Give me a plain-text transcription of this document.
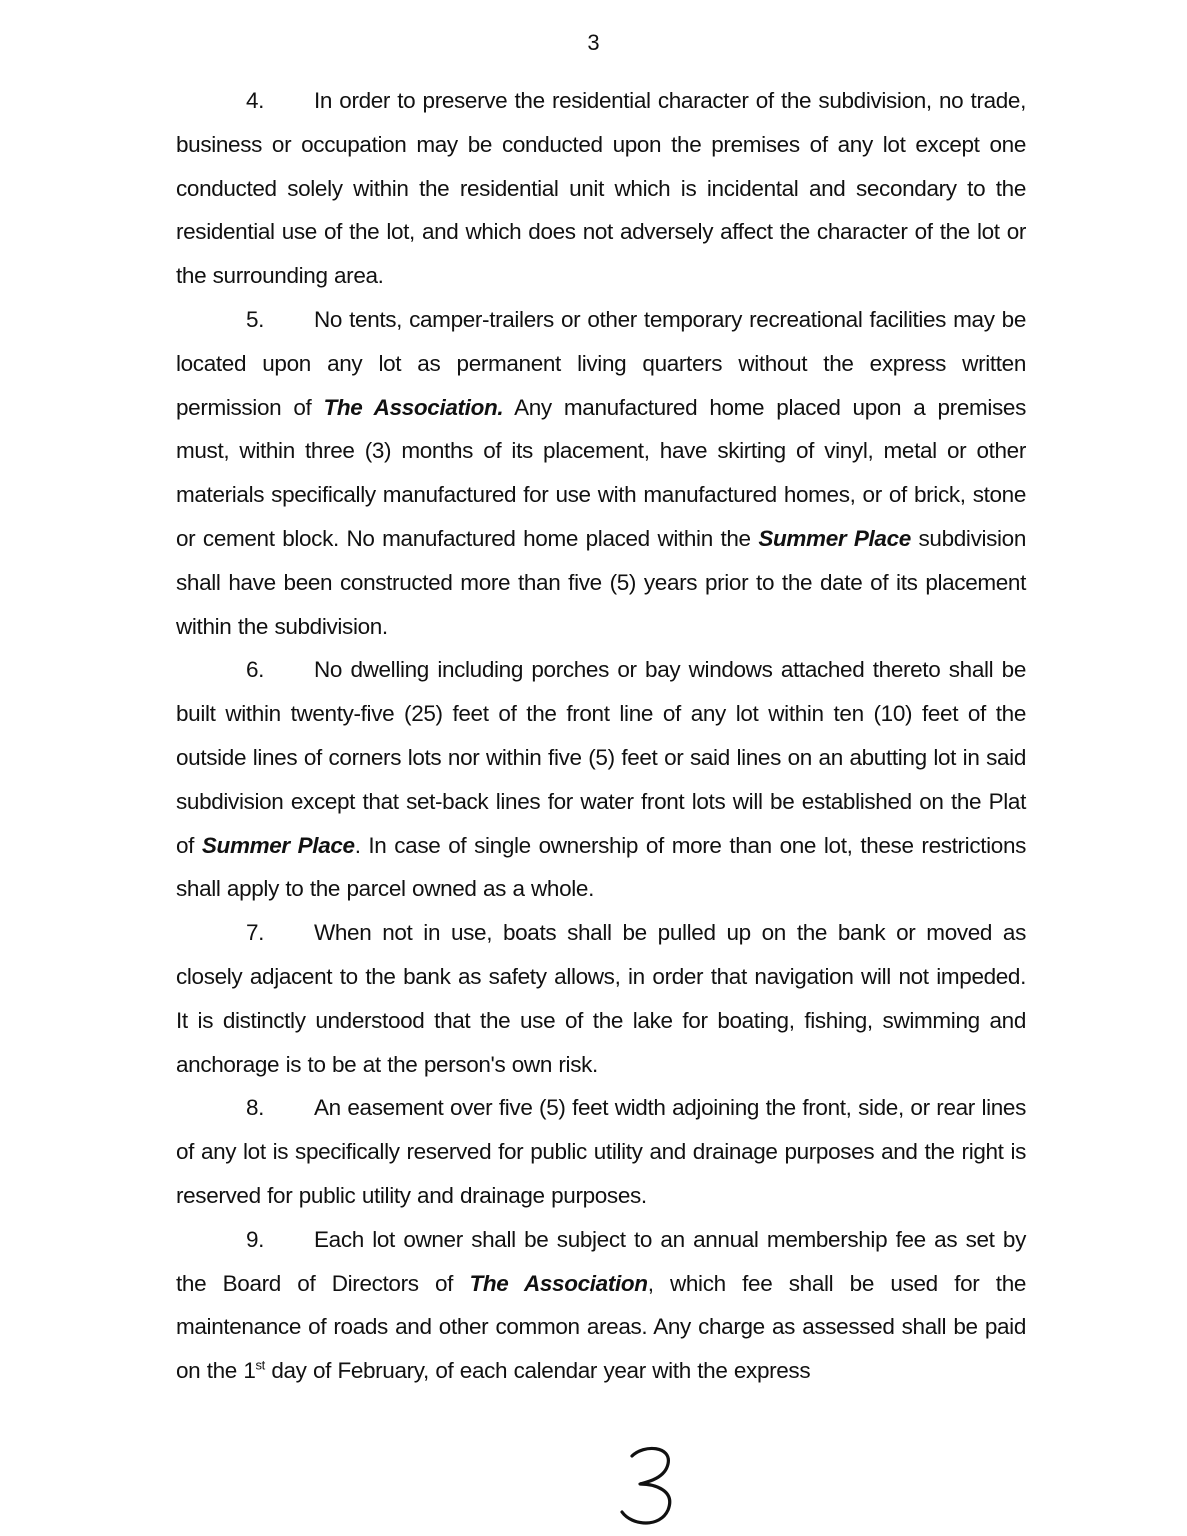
3

4. In order to preserve the residential character of the subdivision, no trade, business or occupation may be conducted upon the premises of any lot except one conducted solely within the residential unit which is incidental and secondary to the residential use of the lot, and which does not adversely affect the character of the lot or the surrounding area.

5. No tents, camper-trailers or other temporary recreational facilities may be located upon any lot as permanent living quarters without the express written permission of The Association. Any manufactured home placed upon a premises must, within three (3) months of its placement, have skirting of vinyl, metal or other materials specifically manufactured for use with manufactured homes, or of brick, stone or cement block. No manufactured home placed within the Summer Place subdivision shall have been constructed more than five (5) years prior to the date of its placement within the subdivision.

6. No dwelling including porches or bay windows attached thereto shall be built within twenty-five (25) feet of the front line of any lot within ten (10) feet of the outside lines of corners lots nor within five (5) feet or said lines on an abutting lot in said subdivision except that set-back lines for water front lots will be established on the Plat of Summer Place. In case of single ownership of more than one lot, these restrictions shall apply to the parcel owned as a whole.

7. When not in use, boats shall be pulled up on the bank or moved as closely adjacent to the bank as safety allows, in order that navigation will not impeded. It is distinctly understood that the use of the lake for boating, fishing, swimming and anchorage is to be at the person's own risk.

8. An easement over five (5) feet width adjoining the front, side, or rear lines of any lot is specifically reserved for public utility and drainage purposes and the right is reserved for public utility and drainage purposes.

9. Each lot owner shall be subject to an annual membership fee as set by the Board of Directors of The Association, which fee shall be used for the maintenance of roads and other common areas. Any charge as assessed shall be paid on the 1st day of February, of each calendar year with the express
